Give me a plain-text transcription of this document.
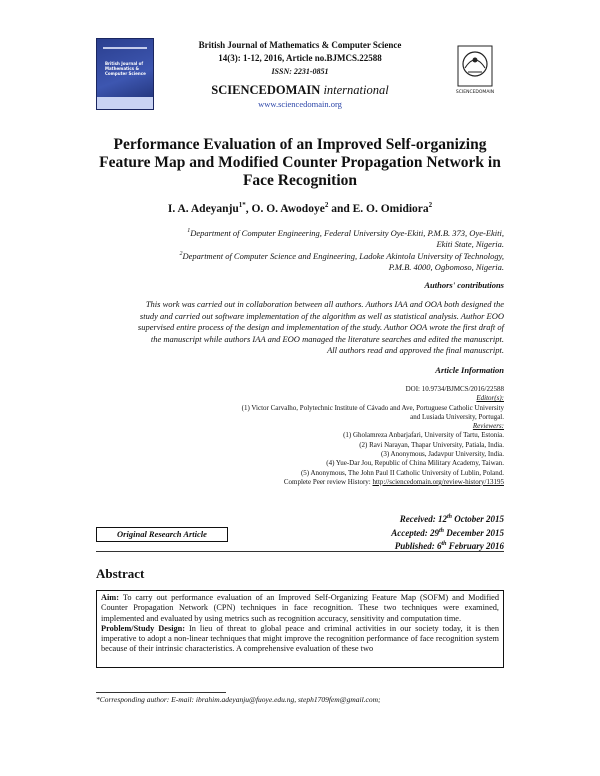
British Journal of Mathematics & Computer Science
SCIENCEDOMAIN
British Journal of Mathematics & Computer Science
14(3): 1-12, 2016, Article no.BJMCS.22588
ISSN: 2231-0851
SCIENCEDOMAIN international
www.sciencedomain.org
Performance Evaluation of an Improved Self-organizing
Feature Map and Modified Counter Propagation Network in
Face Recognition
I. A. Adeyanju$^{1*}$, O. O. Awodoye$^2$ and E. O. Omidiora$^2$
$^1$Department of Computer Engineering, Federal University Oye-Ekiti, P.M.B. 373, Oye-Ekiti,
Ekiti State, Nigeria.
$^2$Department of Computer Science and Engineering, Ladoke Akintola University of Technology,
P.M.B. 4000, Ogbomoso, Nigeria.
Authors' contributions
This work was carried out in collaboration between all authors. Authors IAA and OOA both designed the
study and carried out software implementation of the algorithm as well as statistical analysis. Author EOO
supervised entire process of the design and implementation of the study. Author OOA wrote the first draft of
the manuscript while authors IAA and EOO managed the literature searches and edited the manuscript.
All authors read and approved the final manuscript.
Article Information
DOI: 10.9734/BJMCS/2016/22588
Editor(s):
(1) Victor Carvalho, Polytechnic Institute of Cávado and Ave, Portuguese Catholic University
and Lusiada University, Portugal.
Reviewers:
(1) Gholamreza Anbarjafari, University of Tartu, Estonia.
(2) Ravi Narayan, Thapar University, Patiala, India.
(3) Anonymous, Jadavpur University, India.
(4) Yue-Dar Jou, Republic of China Military Academy, Taiwan.
(5) Anonymous, The John Paul II Catholic University of Lublin, Poland.
Complete Peer review History: http://sciencedomain.org/review-history/13195
Received: 12th October 2015
Accepted: 29th December 2015
Published: 6th February 2016
Original Research Article
Abstract
Aim: To carry out performance evaluation of an Improved Self-Organizing Feature Map (SOFM) and Modified Counter Propagation Network (CPN) techniques in face recognition. These two techniques were examined, implemented and evaluated by using metrics such as recognition accuracy, sensitivity and computation time.
Problem/Study Design: In lieu of threat to global peace and criminal activities in our society today, it is then imperative to adopt a non-linear techniques that might improve the recognition performance of face recognition system because of their intrinsic characteristics. A comprehensive evaluation of these two
*Corresponding author: E-mail: ibrahim.adeyanju@fuoye.edu.ng, steph1709fem@gmail.com;
